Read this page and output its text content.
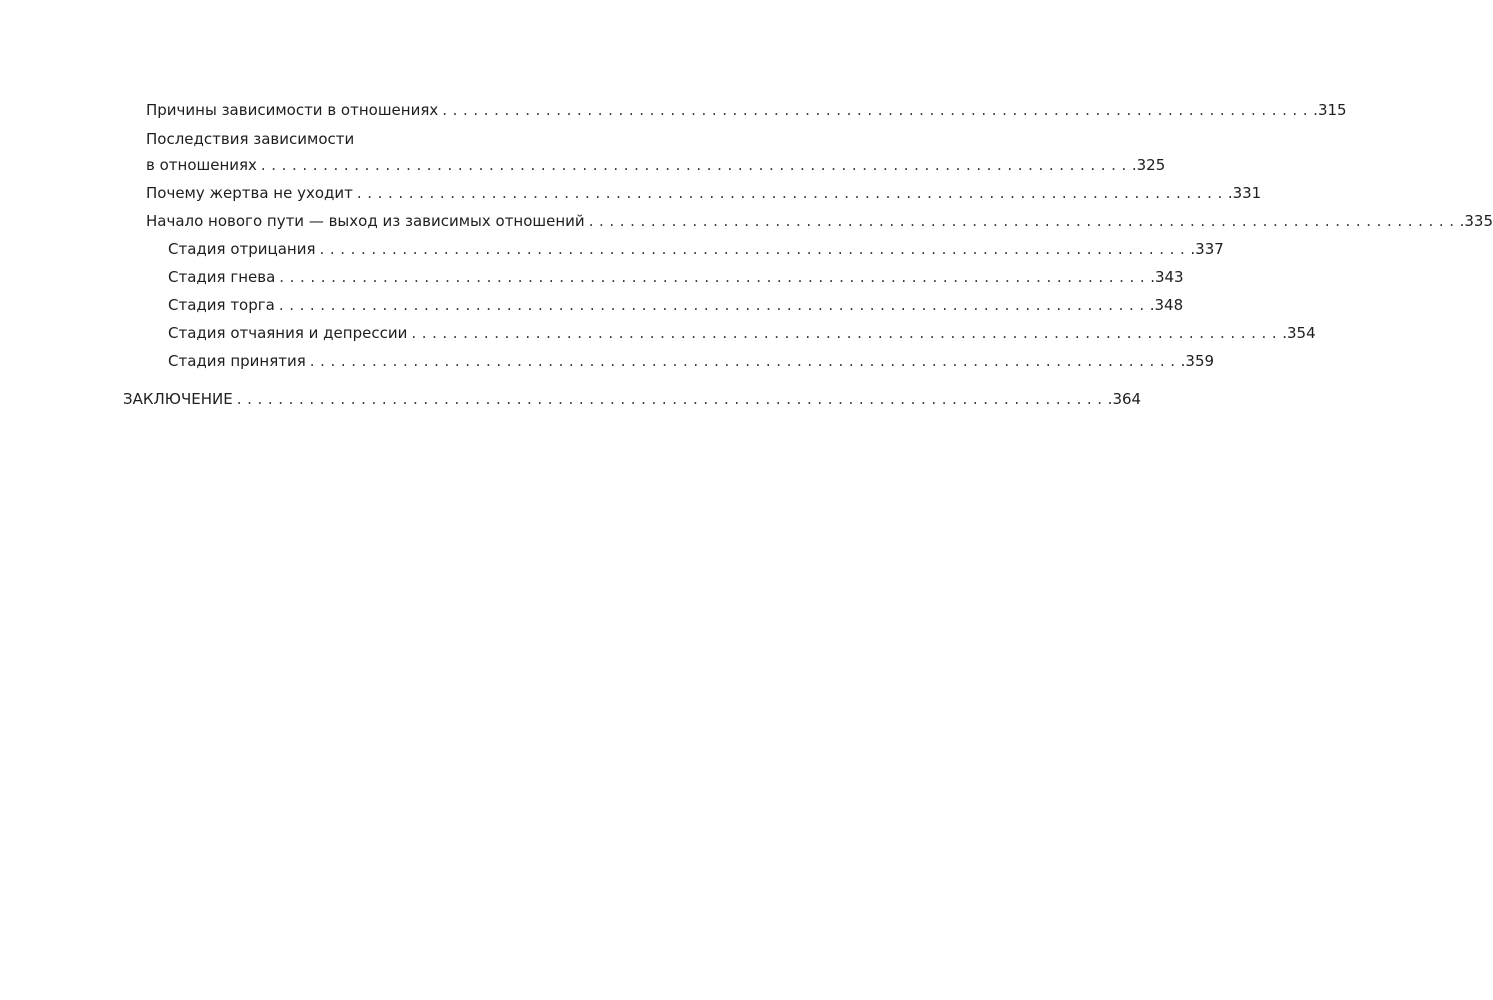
Причины зависимости в отношениях .................................................................................... .315
Последствия зависимости
в отношениях .................................................................................... .325
Почему жертва не уходит .................................................................................... .331
Начало нового пути — выход из зависимых отношений .................................................................................... .335
Стадия отрицания .................................................................................... .337
Стадия гнева .................................................................................... .343
Стадия торга .................................................................................... .348
Стадия отчаяния и депрессии .................................................................................... .354
Стадия принятия .................................................................................... .359
ЗАКЛЮЧЕНИЕ .................................................................................... .364
